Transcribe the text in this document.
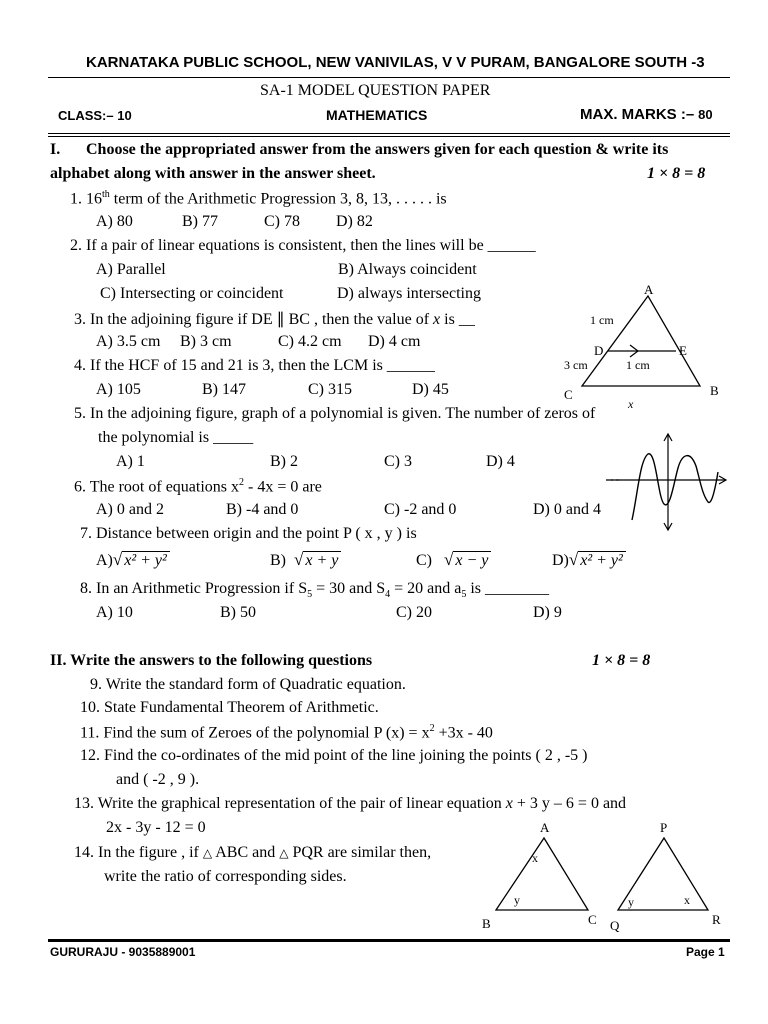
KARNATAKA PUBLIC SCHOOL, NEW VANIVILAS, V V PURAM, BANGALORE SOUTH -3
SA-1 MODEL QUESTION PAPER
CLASS:– 10	MATHEMATICS	MAX. MARKS :– 80
I. Choose the appropriated answer from the answers given for each question & write its
alphabet along with answer in the answer sheet.	1 × 8 = 8
1. 16th term of the Arithmetic Progression 3, 8, 13, . . . . . is
A) 80	B) 77	C) 78 D) 82
2. If a pair of linear equations is consistent, then the lines will be ______
A) Parallel	B) Always coincident
C) Intersecting or coincident	D) always intersecting
3. In the adjoining figure if DE ∥ BC , then the value of x is __
A) 3.5 cm B) 3 cm	C) 4.2 cm D) 4 cm
4. If the HCF of 15 and 21 is 3, then the LCM is ______
A) 105	B) 147	C) 315	D) 45
A
D	E
C	B
x
1 cm
3 cm	1 cm
5. In the adjoining figure, graph of a polynomial is given. The number of zeros of
the polynomial is _____
A) 1	B) 2	C) 3	D) 4
6. The root of equations $x^2 - 4x = 0$ are
A) 0 and 2	B) -4 and 0	C) -2 and 0	D) 0 and 4
7. Distance between origin and the point P ( x , y ) is
A)√ x² + y²	B) √ x + y	C) √ x − y	D)√ x² + y²
8. In an Arithmetic Progression if $S_5 = 30$ and $S_4 = 20$ and $a_5$ is ________
A) 10	B) 50	C) 20	D) 9
II. Write the answers to the following questions	1 × 8 = 8
9. Write the standard form of Quadratic equation.
10. State Fundamental Theorem of Arithmetic.
11. Find the sum of Zeroes of the polynomial P $(x) = x^2 +3x - 40$
12. Find the co-ordinates of the mid point of the line joining the points ( 2 , -5 )
and ( -2 , 9 ).
13. Write the graphical representation of the pair of linear equation x + 3 y – 6 = 0 and
2x - 3y - 12 = 0
14. In the figure , if △ ABC and △ PQR are similar then,
write the ratio of corresponding sides.
A
B	C
P
Q	R
x
y	y	x
GURURAJU - 9035889001	Page 1
